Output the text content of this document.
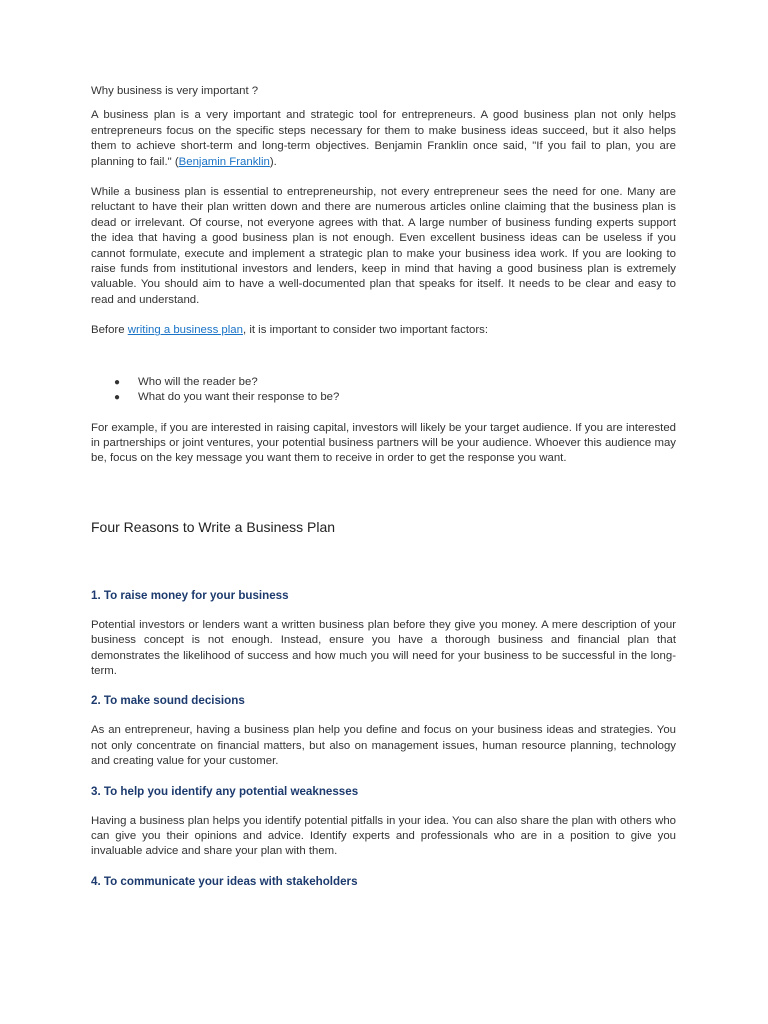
Why business is very important ?

A business plan is a very important and strategic tool for entrepreneurs. A good business plan not only helps entrepreneurs focus on the specific steps necessary for them to make business ideas succeed, but it also helps them to achieve short-term and long-term objectives. Benjamin Franklin once said, "If you fail to plan, you are planning to fail." (Benjamin Franklin).

While a business plan is essential to entrepreneurship, not every entrepreneur sees the need for one. Many are reluctant to have their plan written down and there are numerous articles online claiming that the business plan is dead or irrelevant. Of course, not everyone agrees with that. A large number of business funding experts support the idea that having a good business plan is not enough. Even excellent business ideas can be useless if you cannot formulate, execute and implement a strategic plan to make your business idea work. If you are looking to raise funds from institutional investors and lenders, keep in mind that having a good business plan is extremely valuable. You should aim to have a well-documented plan that speaks for itself. It needs to be clear and easy to read and understand.

Before writing a business plan, it is important to consider two important factors:

● Who will the reader be?
● What do you want their response to be?

For example, if you are interested in raising capital, investors will likely be your target audience. If you are interested in partnerships or joint ventures, your potential business partners will be your audience. Whoever this audience may be, focus on the key message you want them to receive in order to get the response you want.

Four Reasons to Write a Business Plan
1. To raise money for your business

Potential investors or lenders want a written business plan before they give you money. A mere description of your business concept is not enough. Instead, ensure you have a thorough business and financial plan that demonstrates the likelihood of success and how much you will need for your business to be successful in the long-term.

2. To make sound decisions

As an entrepreneur, having a business plan help you define and focus on your business ideas and strategies. You not only concentrate on financial matters, but also on management issues, human resource planning, technology and creating value for your customer.

3. To help you identify any potential weaknesses

Having a business plan helps you identify potential pitfalls in your idea. You can also share the plan with others who can give you their opinions and advice. Identify experts and professionals who are in a position to give you invaluable advice and share your plan with them.

4. To communicate your ideas with stakeholders
